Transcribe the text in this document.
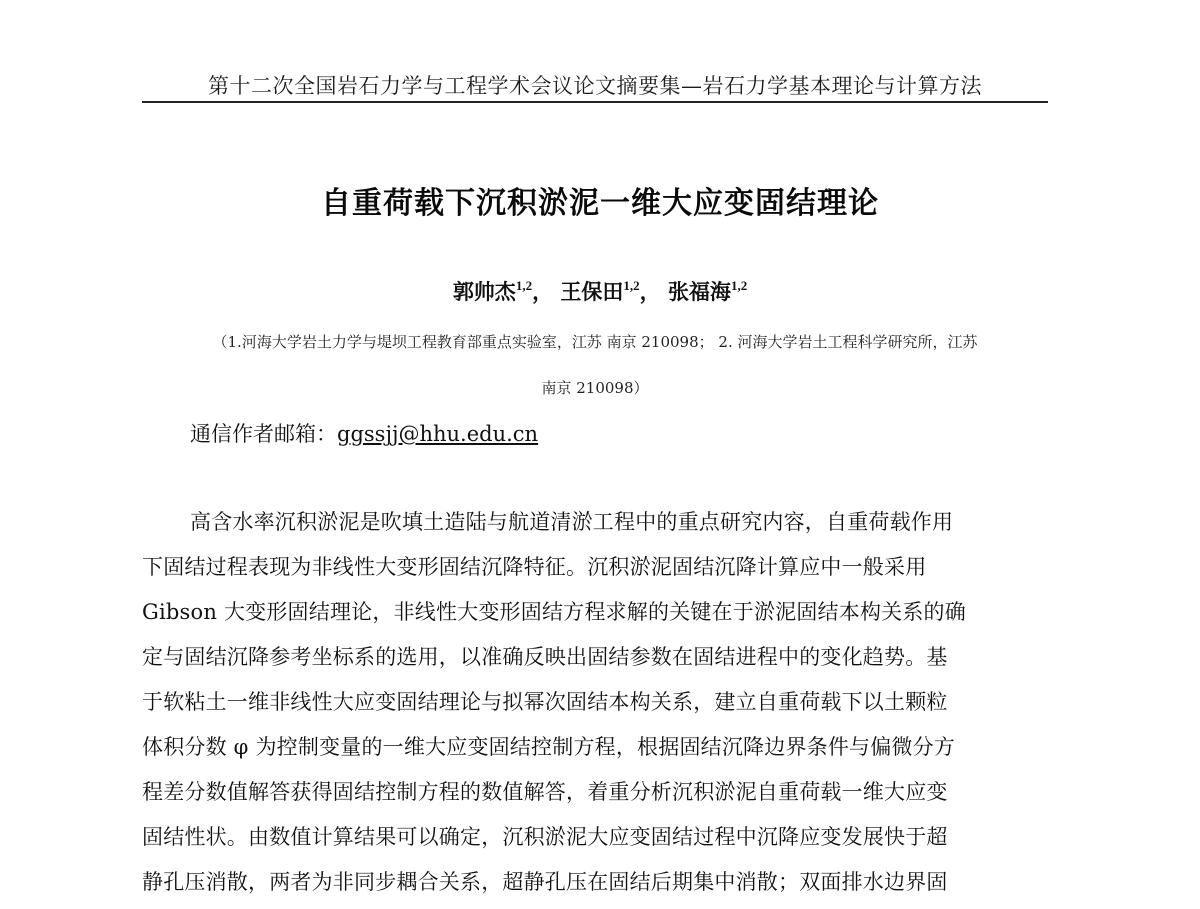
第十二次全国岩石力学与工程学术会议论文摘要集—岩石力学基本理论与计算方法
自重荷载下沉积淤泥一维大应变固结理论
郭帅杰$^{1,2}$， 王保田$^{1,2}$， 张福海$^{1,2}$
（1.河海大学岩土力学与堤坝工程教育部重点实验室，江苏 南京 210098； 2. 河海大学岩土工程科学研究所，江苏
南京 210098）
通信作者邮箱：ggssjj@hhu.edu.cn
高含水率沉积淤泥是吹填土造陆与航道清淤工程中的重点研究内容，自重荷载作用
下固结过程表现为非线性大变形固结沉降特征。沉积淤泥固结沉降计算应中一般采用
Gibson 大变形固结理论，非线性大变形固结方程求解的关键在于淤泥固结本构关系的确
定与固结沉降参考坐标系的选用，以准确反映出固结参数在固结进程中的变化趋势。基
于软粘土一维非线性大应变固结理论与拟幂次固结本构关系，建立自重荷载下以土颗粒
体积分数 φ 为控制变量的一维大应变固结控制方程，根据固结沉降边界条件与偏微分方
程差分数值解答获得固结控制方程的数值解答，着重分析沉积淤泥自重荷载一维大应变
固结性状。由数值计算结果可以确定，沉积淤泥大应变固结过程中沉降应变发展快于超
静孔压消散，两者为非同步耦合关系，超静孔压在固结后期集中消散；双面排水边界固
